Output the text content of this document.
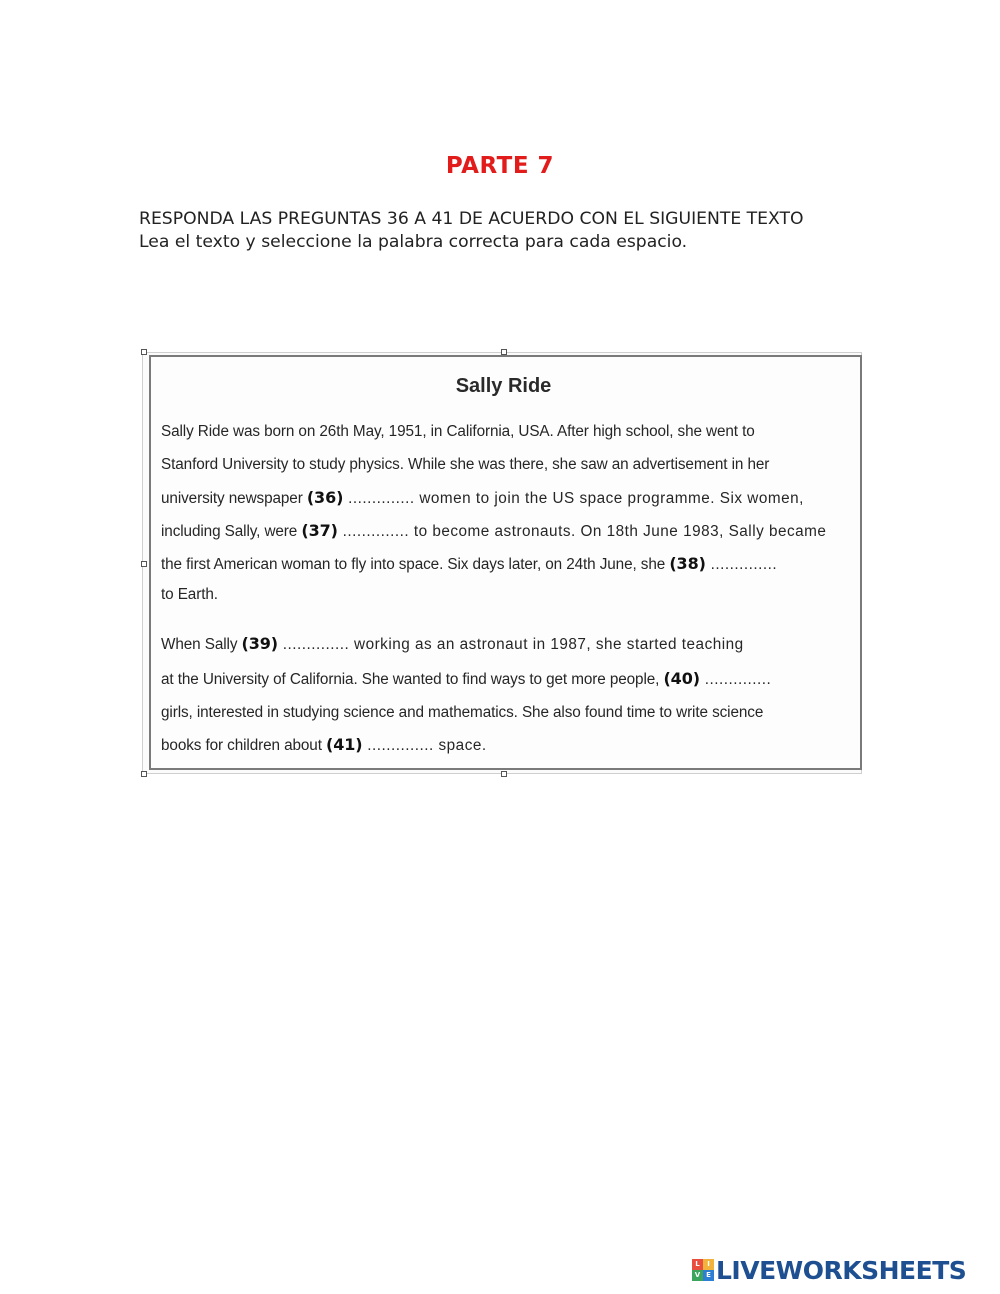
PARTE 7
RESPONDA LAS PREGUNTAS 36 A 41 DE ACUERDO CON EL SIGUIENTE TEXTO
Lea el texto y seleccione la palabra correcta para cada espacio.
Sally Ride
Sally Ride was born on 26th May, 1951, in California, USA. After high school, she went to
Stanford University to study physics. While she was there, she saw an advertisement in her
university newspaper (36) .............. women to join the US space programme. Six women,
including Sally, were (37) .............. to become astronauts. On 18th June 1983, Sally became
the first American woman to fly into space. Six days later, on 24th June, she (38) ..............
to Earth.
When Sally (39) .............. working as an astronaut in 1987, she started teaching
at the University of California. She wanted to find ways to get more people, (40) ..............
girls, interested in studying science and mathematics. She also found time to write science
books for children about (41) .............. space.
L	I
V E LIVEWORKSHEETS
